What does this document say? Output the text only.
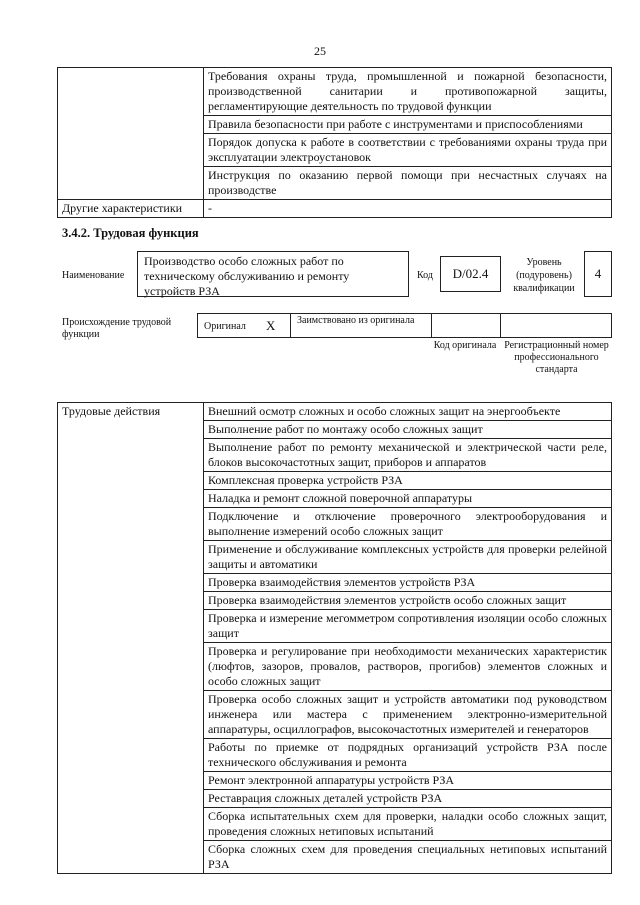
25
	Требования охраны труда, промышленной и пожарной безопасности, производственной санитарии и противопожарной защиты, регламентирующие деятельность по трудовой функции
	Правила безопасности при работе с инструментами и приспособлениями
	Порядок допуска к работе в соответствии с требованиями охраны труда при эксплуатации электроустановок
	Инструкция по оказанию первой помощи при несчастных случаях на производстве
Другие характеристики	-
3.4.2. Трудовая функция
Наименование
Производство особо сложных работ по техническому обслуживанию и ремонту устройств РЗА
Код	D/02.4
Уровень (подуровень) квалификации
4
Происхождение трудовой функции
Оригинал X Заимствовано из оригинала
Код оригинала Регистрационный номер профессионального стандарта
Трудовые действия	Внешний осмотр сложных и особо сложных защит на энергообъекте
Выполнение работ по монтажу особо сложных защит
Выполнение работ по ремонту механической и электрической части реле, блоков высокочастотных защит, приборов и аппаратов
Комплексная проверка устройств РЗА
Наладка и ремонт сложной поверочной аппаратуры
Подключение и отключение проверочного электрооборудования и выполнение измерений особо сложных защит
Применение и обслуживание комплексных устройств для проверки релейной защиты и автоматики
Проверка взаимодействия элементов устройств РЗА
Проверка взаимодействия элементов устройств особо сложных защит
Проверка и измерение мегомметром сопротивления изоляции особо сложных защит
Проверка и регулирование при необходимости механических характеристик (люфтов, зазоров, провалов, растворов, прогибов) элементов сложных и особо сложных защит
Проверка особо сложных защит и устройств автоматики под руководством инженера или мастера с применением электронно-измерительной аппаратуры, осциллографов, высокочастотных измерителей и генераторов
Работы по приемке от подрядных организаций устройств РЗА после технического обслуживания и ремонта
Ремонт электронной аппаратуры устройств РЗА
Реставрация сложных деталей устройств РЗА
Сборка испытательных схем для проверки, наладки особо сложных защит, проведения сложных нетиповых испытаний
Сборка сложных схем для проведения специальных нетиповых испытаний РЗА
